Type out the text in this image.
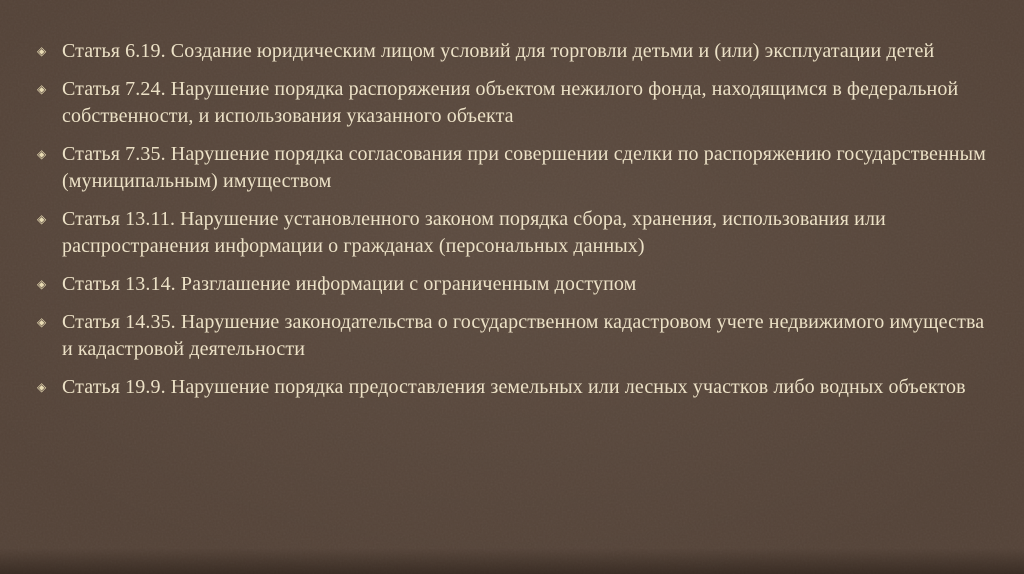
◈ Статья 6.19. Создание юридическим лицом условий для торговли детьми и (или) эксплуатации детей
◈ Статья 7.24. Нарушение порядка распоряжения объектом нежилого фонда, находящимся в федеральной собственности, и использования указанного объекта
◈ Статья 7.35. Нарушение порядка согласования при совершении сделки по распоряжению государственным (муниципальным) имуществом
◈ Статья 13.11. Нарушение установленного законом порядка сбора, хранения, использования или распространения информации о гражданах (персональных данных)
◈ Статья 13.14. Разглашение информации с ограниченным доступом
◈ Статья 14.35. Нарушение законодательства о государственном кадастровом учете недвижимого имущества и кадастровой деятельности
◈ Статья 19.9. Нарушение порядка предоставления земельных или лесных участков либо водных объектов
